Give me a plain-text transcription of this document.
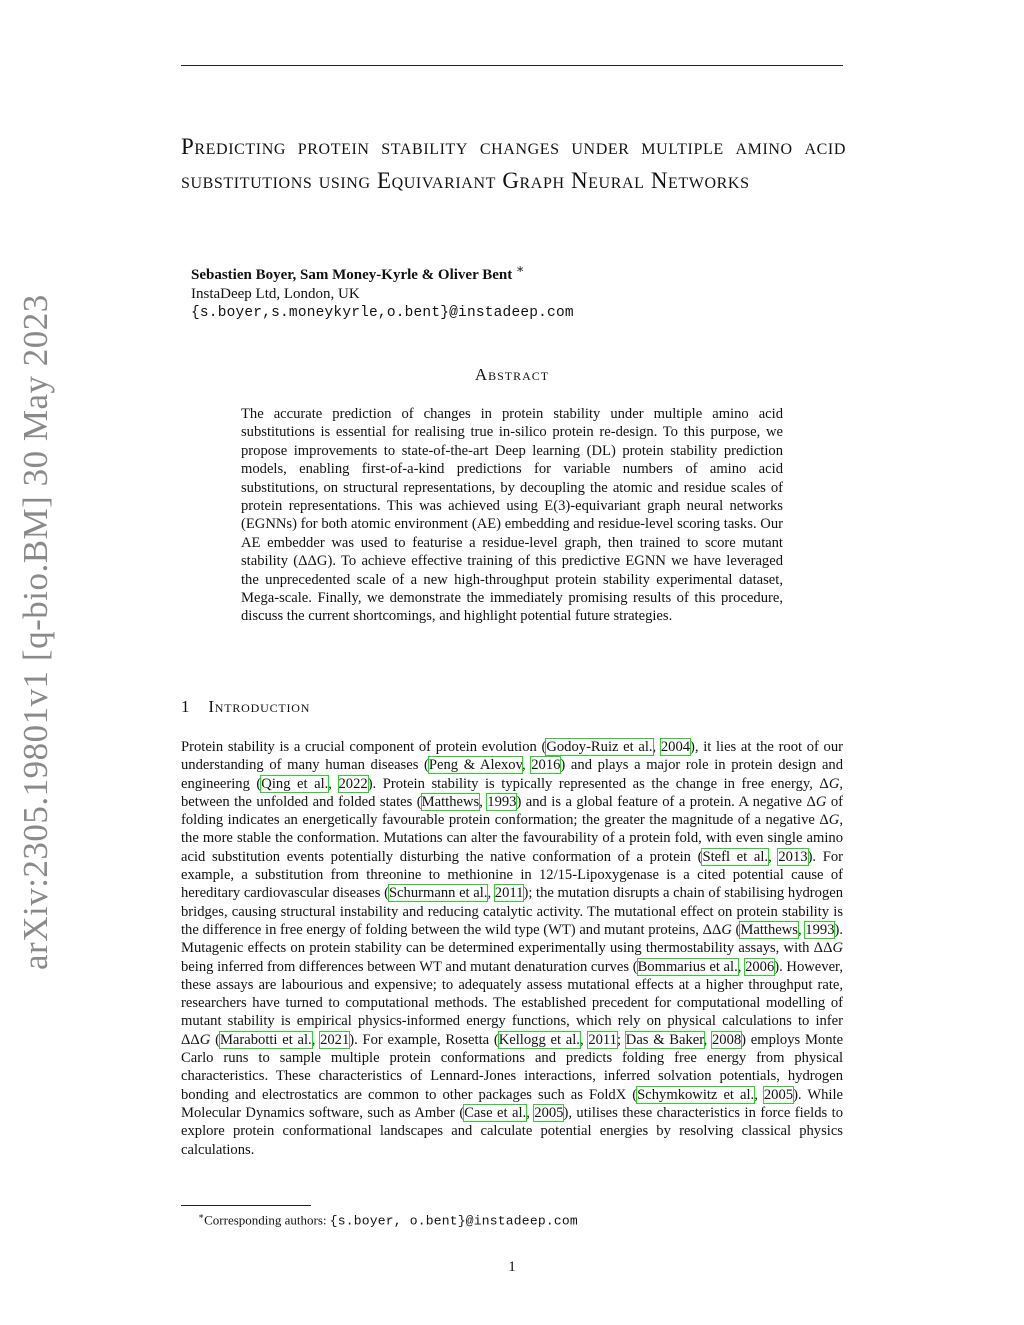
arXiv:2305.19801v1 [q-bio.BM] 30 May 2023
Predicting protein stability changes under multiple amino acid substitutions using Equivariant Graph Neural Networks
Sebastien Boyer, Sam Money-Kyrle & Oliver Bent ∗
InstaDeep Ltd, London, UK
{s.boyer,s.moneykyrle,o.bent}@instadeep.com
Abstract

The accurate prediction of changes in protein stability under multiple amino acid substitutions is essential for realising true in-silico protein re-design. To this purpose, we propose improvements to state-of-the-art Deep learning (DL) protein stability prediction models, enabling first-of-a-kind predictions for variable numbers of amino acid substitutions, on structural representations, by decoupling the atomic and residue scales of protein representations. This was achieved using E(3)-equivariant graph neural networks (EGNNs) for both atomic environment (AE) embedding and residue-level scoring tasks. Our AE embedder was used to featurise a residue-level graph, then trained to score mutant stability (ΔΔG). To achieve effective training of this predictive EGNN we have leveraged the unprecedented scale of a new high-throughput protein stability experimental dataset, Mega-scale. Finally, we demonstrate the immediately promising results of this procedure, discuss the current shortcomings, and highlight potential future strategies.

1 Introduction

Protein stability is a crucial component of protein evolution (Godoy-Ruiz et al., 2004), it lies at the root of our understanding of many human diseases (Peng & Alexov, 2016) and plays a major role in protein design and engineering (Qing et al., 2022). Protein stability is typically represented as the change in free energy, ΔG, between the unfolded and folded states (Matthews, 1993) and is a global feature of a protein. A negative ΔG of folding indicates an energetically favourable protein conformation; the greater the magnitude of a negative ΔG, the more stable the conformation. Mutations can alter the favourability of a protein fold, with even single amino acid substitution events potentially disturbing the native conformation of a protein (Stefl et al., 2013). For example, a substitution from threonine to methionine in 12/15-Lipoxygenase is a cited potential cause of hereditary cardiovascular diseases (Schurmann et al., 2011); the mutation disrupts a chain of stabilising hydrogen bridges, causing structural instability and reducing catalytic activity. The mutational effect on protein stability is the difference in free energy of folding between the wild type (WT) and mutant proteins, ΔΔG (Matthews, 1993). Mutagenic effects on protein stability can be determined experimentally using thermostability assays, with ΔΔG being inferred from differences between WT and mutant denaturation curves (Bommarius et al., 2006). However, these assays are labourious and expensive; to adequately assess mutational effects at a higher throughput rate, researchers have turned to computational methods. The established precedent for computational modelling of mutant stability is empirical physics-informed energy functions, which rely on physical calculations to infer ΔΔG (Marabotti et al., 2021). For example, Rosetta (Kellogg et al., 2011; Das & Baker, 2008) employs Monte Carlo runs to sample multiple protein conformations and predicts folding free energy from physical characteristics. These characteristics of Lennard-Jones interactions, inferred solvation potentials, hydrogen bonding and electrostatics are common to other packages such as FoldX (Schymkowitz et al., 2005). While Molecular Dynamics software, such as Amber (Case et al., 2005), utilises these characteristics in force fields to explore protein conformational landscapes and calculate potential energies by resolving classical physics calculations.

∗Corresponding authors: {s.boyer, o.bent}@instadeep.com
1
